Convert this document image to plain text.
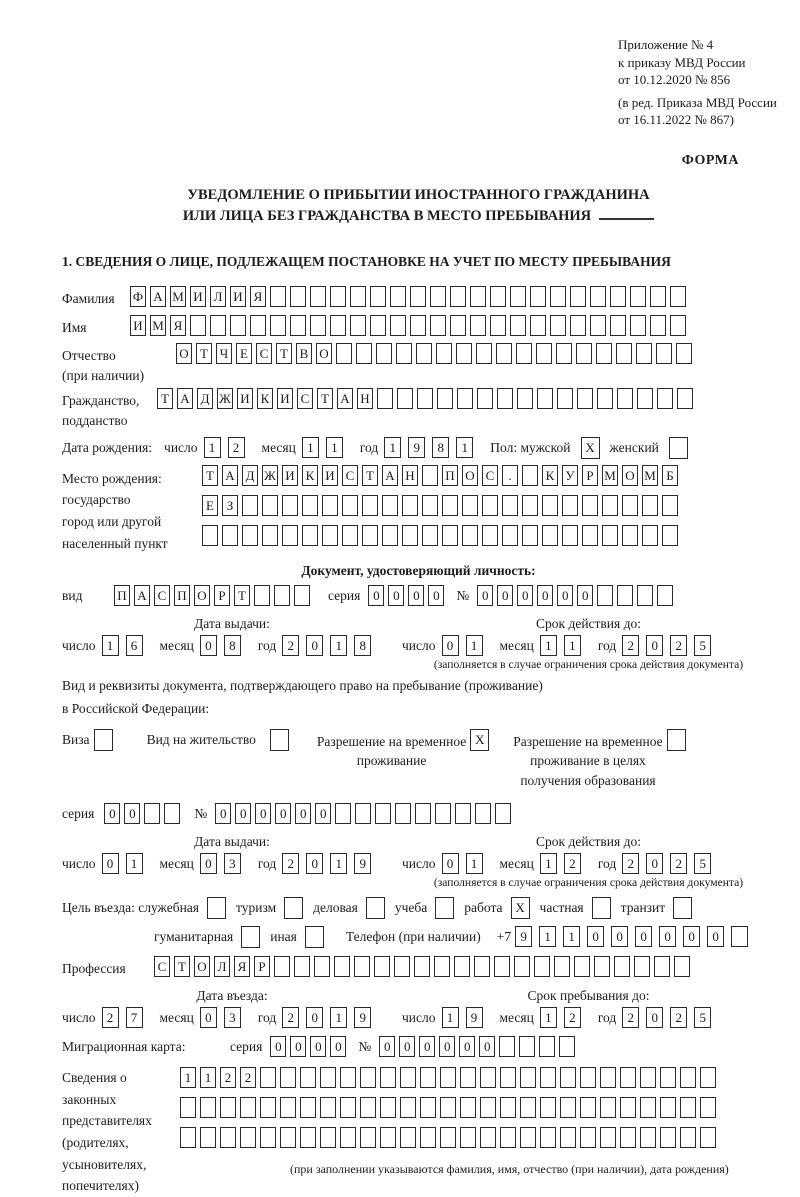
Приложение № 4
к приказу МВД России
от 10.12.2020 № 856
(в ред. Приказа МВД России
от 16.11.2022 № 867)
ФОРМА
УВЕДОМЛЕНИЕ О ПРИБЫТИИ ИНОСТРАННОГО ГРАЖДАНИНА
ИЛИ ЛИЦА БЕЗ ГРАЖДАНСТВА В МЕСТО ПРЕБЫВАНИЯ
1. СВЕДЕНИЯ О ЛИЦЕ, ПОДЛЕЖАЩЕМ ПОСТАНОВКЕ НА УЧЕТ ПО МЕСТУ ПРЕБЫВАНИЯ
Фамилия	Ф А М И Л И Я
Имя	И М Я
Отчество
(при наличии)
О Т Ч Е С Т В О
Гражданство,
подданство
Т А Д Ж И К И С Т А Н
Дата рождения: число 1	2	месяц 1	1	год 1	9	8	1	Пол: мужской	X	женский
Место рождения:
государство
город или другой
населенный пункт
Т А Д Ж И К И С Т А Н П О С	.	К У Р М О М Б
Е З
Документ, удостоверяющий личность:
вид	П А С П О Р Т	серия 0	0	0	0	№ 0	0	0	0	0	0
Дата выдачи:
число 1	6	месяц 0	8	год 2	0	1	8
Срок действия до:
число 0	1	месяц 1	1	год 2	0	2	5
(заполняется в случае ограничения срока действия документа)
Вид и реквизиты документа, подтверждающего право на пребывание (проживание)
в Российской Федерации:
Виза	Вид на жительство	Разрешение на временное
проживание
X	Разрешение на временное
проживание в целях
получения образования
серия	0	0	№ 0	0	0	0	0	0
Дата выдачи:
число 0	1	месяц 0	3	год 2	0	1	9
Срок действия до:
число 0	1	месяц 1	2	год 2	0	2	5
(заполняется в случае ограничения срока действия документа)
Цель въезда: служебная	туризм	деловая	учеба	работа X	частная	транзит
гуманитарная	иная	Телефон (при наличии) +7 9	1	1	0	0	0	0	0	0
Профессия	С Т О Л Я Р
Дата въезда:
число 2	7	месяц 0	3	год 2	0	1	9
Срок пребывания до:
число 1	9	месяц 1	2	год 2	0	2	5
Миграционная карта:	серия 0	0	0	0	№ 0	0	0	0	0	0
Сведения о
законных
представителях
(родителях,
усыновителях,
попечителях)
1	1	2	2
(при заполнении указываются фамилия, имя, отчество (при наличии), дата рождения)
